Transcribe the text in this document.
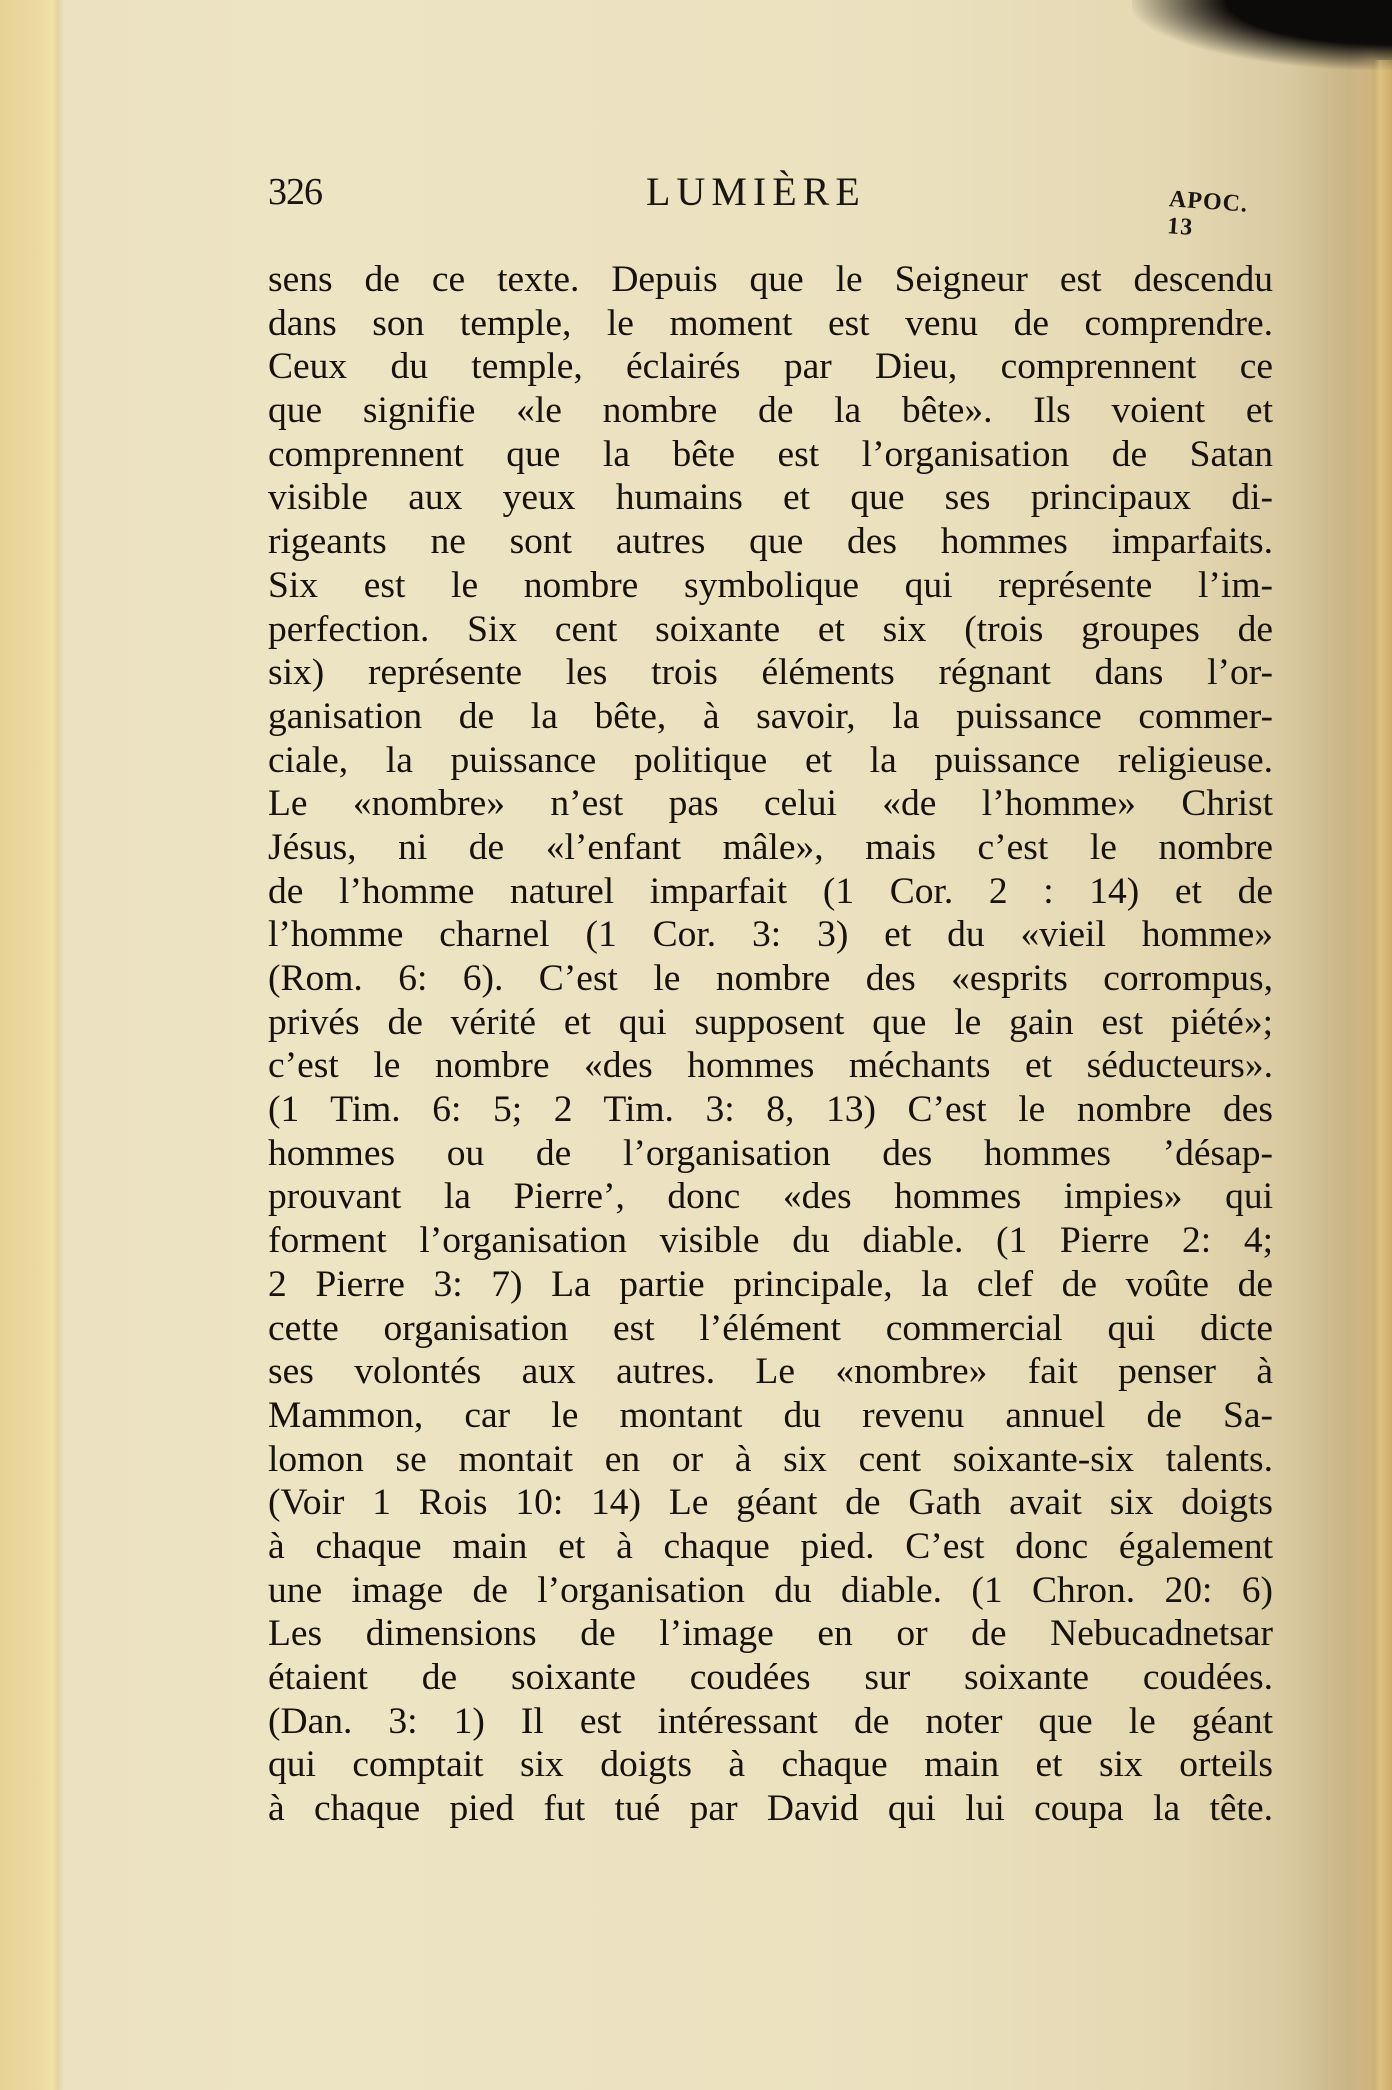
326	LUMIÈRE	APOC. 13
sens de ce texte. Depuis que le Seigneur est descendu
dans son temple, le moment est venu de comprendre.
Ceux du temple, éclairés par Dieu, comprennent ce
que signifie «le nombre de la bête». Ils voient et
comprennent que la bête est l’organisation de Satan
visible aux yeux humains et que ses principaux di-
rigeants ne sont autres que des hommes imparfaits.
Six est le nombre symbolique qui représente l’im-
perfection. Six cent soixante et six (trois groupes de
six) représente les trois éléments régnant dans l’or-
ganisation de la bête, à savoir, la puissance commer-
ciale, la puissance politique et la puissance religieuse.
Le «nombre» n’est pas celui «de l’homme» Christ
Jésus, ni de «l’enfant mâle», mais c’est le nombre
de l’homme naturel imparfait (1 Cor. 2 : 14) et de
l’homme charnel (1 Cor. 3: 3) et du «vieil homme»
(Rom. 6: 6). C’est le nombre des «esprits corrompus,
privés de vérité et qui supposent que le gain est piété»;
c’est le nombre «des hommes méchants et séducteurs».
(1 Tim. 6: 5; 2 Tim. 3: 8, 13) C’est le nombre des
hommes ou de l’organisation des hommes ’désap-
prouvant la Pierre’, donc «des hommes impies» qui
forment l’organisation visible du diable. (1 Pierre 2: 4;
2 Pierre 3: 7) La partie principale, la clef de voûte de
cette organisation est l’élément commercial qui dicte
ses volontés aux autres. Le «nombre» fait penser à
Mammon, car le montant du revenu annuel de Sa-
lomon se montait en or à six cent soixante-six talents.
(Voir 1 Rois 10: 14) Le géant de Gath avait six doigts
à chaque main et à chaque pied. C’est donc également
une image de l’organisation du diable. (1 Chron. 20: 6)
Les dimensions de l’image en or de Nebucadnetsar
étaient de soixante coudées sur soixante coudées.
(Dan. 3: 1) Il est intéressant de noter que le géant
qui comptait six doigts à chaque main et six orteils
à chaque pied fut tué par David qui lui coupa la tête.
